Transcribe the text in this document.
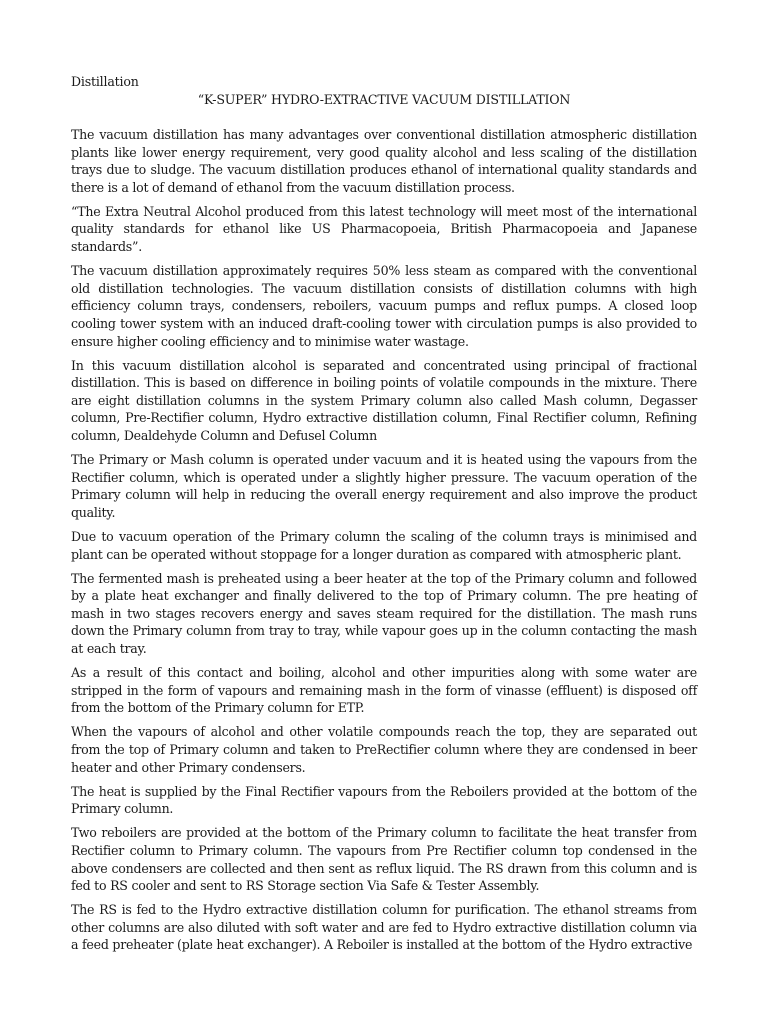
Distillation

“K-SUPER” HYDRO-EXTRACTIVE VACUUM DISTILLATION

The vacuum distillation has many advantages over conventional distillation atmospheric distillation plants like lower energy requirement, very good quality alcohol and less scaling of the distillation trays due to sludge. The vacuum distillation produces ethanol of international quality standards and there is a lot of demand of ethanol from the vacuum distillation process.

“The Extra Neutral Alcohol produced from this latest technology will meet most of the international quality standards for ethanol like US Pharmacopoeia, British Pharmacopoeia and Japanese standards”.

The vacuum distillation approximately requires 50% less steam as compared with the conventional old distillation technologies. The vacuum distillation consists of distillation columns with high efficiency column trays, condensers, reboilers, vacuum pumps and reflux pumps. A closed loop cooling tower system with an induced draft-cooling tower with circulation pumps is also provided to ensure higher cooling efficiency and to minimise water wastage.

In this vacuum distillation alcohol is separated and concentrated using principal of fractional distillation. This is based on difference in boiling points of volatile compounds in the mixture. There are eight distillation columns in the system Primary column also called Mash column, Degasser column, Pre-Rectifier column, Hydro extractive distillation column, Final Rectifier column, Refining column, Dealdehyde Column and Defusel Column

The Primary or Mash column is operated under vacuum and it is heated using the vapours from the Rectifier column, which is operated under a slightly higher pressure. The vacuum operation of the Primary column will help in reducing the overall energy requirement and also improve the product quality.

Due to vacuum operation of the Primary column the scaling of the column trays is minimised and plant can be operated without stoppage for a longer duration as compared with atmospheric plant.

The fermented mash is preheated using a beer heater at the top of the Primary column and followed by a plate heat exchanger and finally delivered to the top of Primary column. The pre heating of mash in two stages recovers energy and saves steam required for the distillation. The mash runs down the Primary column from tray to tray, while vapour goes up in the column contacting the mash at each tray.

As a result of this contact and boiling, alcohol and other impurities along with some water are stripped in the form of vapours and remaining mash in the form of vinasse (effluent) is disposed off from the bottom of the Primary column for ETP.

When the vapours of alcohol and other volatile compounds reach the top, they are separated out from the top of Primary column and taken to PreRectifier column where they are condensed in beer heater and other Primary condensers.

The heat is supplied by the Final Rectifier vapours from the Reboilers provided at the bottom of the Primary column.

Two reboilers are provided at the bottom of the Primary column to facilitate the heat transfer from Rectifier column to Primary column. The vapours from Pre Rectifier column top condensed in the above condensers are collected and then sent as reflux liquid. The RS drawn from this column and is fed to RS cooler and sent to RS Storage section Via Safe & Tester Assembly.

The RS is fed to the Hydro extractive distillation column for purification. The ethanol streams from other columns are also diluted with soft water and are fed to Hydro extractive distillation column via a feed preheater (plate heat exchanger). A Reboiler is installed at the bottom of the Hydro extractive
